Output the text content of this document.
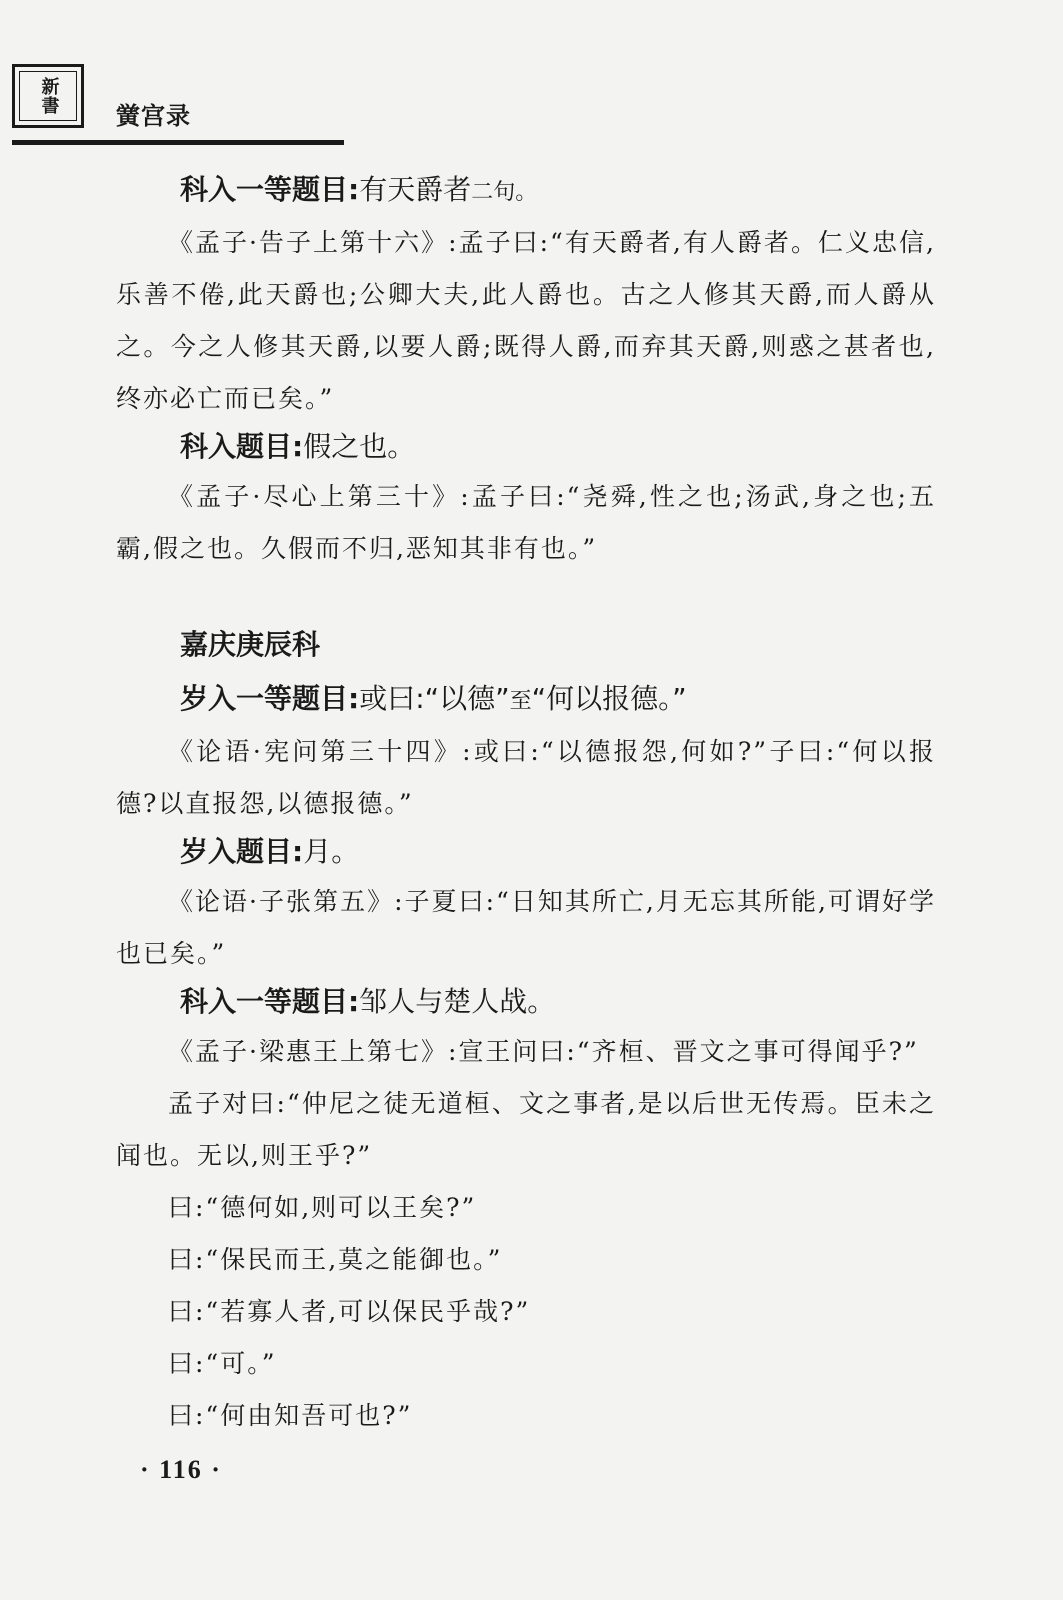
新書
黉宫录
科入一等题目:有天爵者二句。

《孟子·告子上第十六》:孟子曰:“有天爵者,有人爵者。仁义忠信,乐善不倦,此天爵也;公卿大夫,此人爵也。古之人修其天爵,而人爵从之。今之人修其天爵,以要人爵;既得人爵,而弃其天爵,则惑之甚者也,终亦必亡而已矣。”

科入题目:假之也。

《孟子·尽心上第三十》:孟子曰:“尧舜,性之也;汤武,身之也;五霸,假之也。久假而不归,恶知其非有也。”

嘉庆庚辰科
岁入一等题目:或曰:“以德”至“何以报德。”

《论语·宪问第三十四》:或曰:“以德报怨,何如?”子曰:“何以报德?以直报怨,以德报德。”

岁入题目:月。

《论语·子张第五》:子夏曰:“日知其所亡,月无忘其所能,可谓好学也已矣。”

科入一等题目:邹人与楚人战。

《孟子·梁惠王上第七》:宣王问曰:“齐桓、晋文之事可得闻乎?”

孟子对曰:“仲尼之徒无道桓、文之事者,是以后世无传焉。臣未之闻也。无以,则王乎?”

曰:“德何如,则可以王矣?”

曰:“保民而王,莫之能御也。”

曰:“若寡人者,可以保民乎哉?”

曰:“可。”

曰:“何由知吾可也?”

· 116 ·
